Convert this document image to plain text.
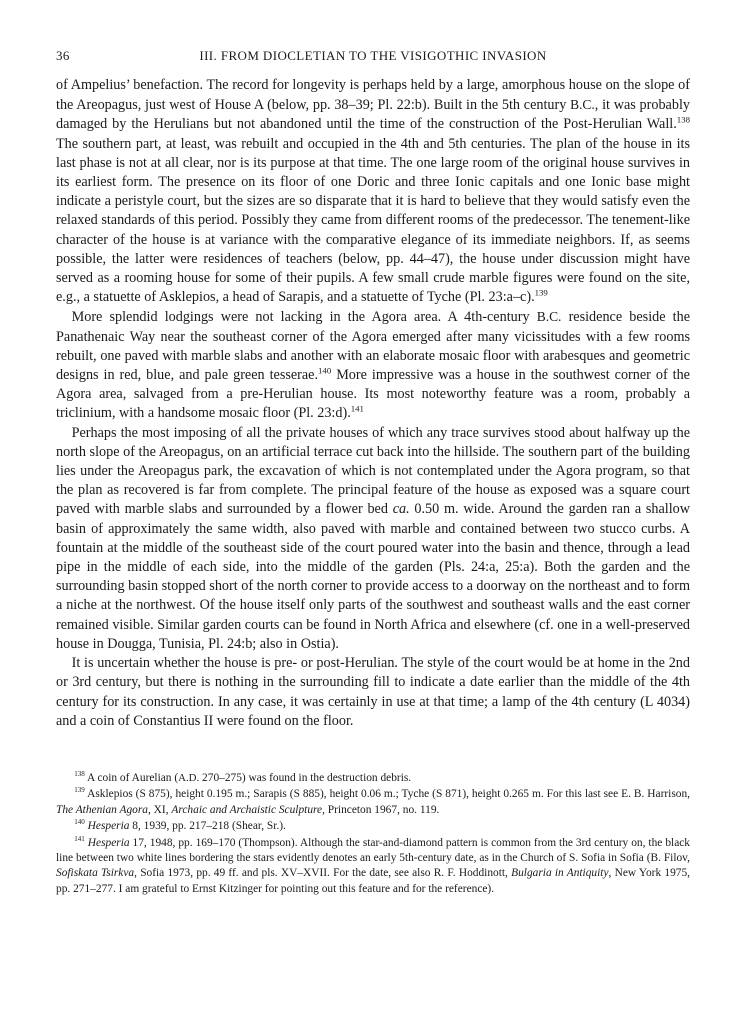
36	III. FROM DIOCLETIAN TO THE VISIGOTHIC INVASION

of Ampelius’ benefaction. The record for longevity is perhaps held by a large, amorphous house on the slope of the Areopagus, just west of House A (below, pp. 38–39; Pl. 22:b). Built in the 5th century B.C., it was probably damaged by the Herulians but not abandoned until the time of the construction of the Post-Herulian Wall.$^{138}$ The southern part, at least, was rebuilt and occupied in the 4th and 5th centuries. The plan of the house in its last phase is not at all clear, nor is its purpose at that time. The one large room of the original house survives in its earliest form. The presence on its floor of one Doric and three Ionic capitals and one Ionic base might indicate a peristyle court, but the sizes are so disparate that it is hard to believe that they would satisfy even the relaxed standards of this period. Possibly they came from different rooms of the predecessor. The tenement-like character of the house is at variance with the comparative elegance of its immediate neighbors. If, as seems possible, the latter were residences of teachers (below, pp. 44–47), the house under discussion might have served as a rooming house for some of their pupils. A few small crude marble figures were found on the site, e.g., a statuette of Asklepios, a head of Sarapis, and a statuette of Tyche (Pl. 23:a–c).$^{139}$

More splendid lodgings were not lacking in the Agora area. A 4th-century B.C. residence beside the Panathenaic Way near the southeast corner of the Agora emerged after many vicissitudes with a few rooms rebuilt, one paved with marble slabs and another with an elaborate mosaic floor with arabesques and geometric designs in red, blue, and pale green tesserae.$^{140}$ More impressive was a house in the southwest corner of the Agora area, salvaged from a pre-Herulian house. Its most noteworthy feature was a room, probably a triclinium, with a handsome mosaic floor (Pl. 23:d).$^{141}$

Perhaps the most imposing of all the private houses of which any trace survives stood about halfway up the north slope of the Areopagus, on an artificial terrace cut back into the hillside. The southern part of the building lies under the Areopagus park, the excavation of which is not contemplated under the Agora program, so that the plan as recovered is far from complete. The principal feature of the house as exposed was a square court paved with marble slabs and surrounded by a flower bed ca. 0.50 m. wide. Around the garden ran a shallow basin of approximately the same width, also paved with marble and contained between two stucco curbs. A fountain at the middle of the southeast side of the court poured water into the basin and thence, through a lead pipe in the middle of each side, into the middle of the garden (Pls. 24:a, 25:a). Both the garden and the surrounding basin stopped short of the north corner to provide access to a doorway on the northeast and to form a niche at the northwest. Of the house itself only parts of the southwest and southeast walls and the east corner remained visible. Similar garden courts can be found in North Africa and elsewhere (cf. one in a well-preserved house in Dougga, Tunisia, Pl. 24:b; also in Ostia).

It is uncertain whether the house is pre- or post-Herulian. The style of the court would be at home in the 2nd or 3rd century, but there is nothing in the surrounding fill to indicate a date earlier than the middle of the 4th century for its construction. In any case, it was certainly in use at that time; a lamp of the 4th century (L 4034) and a coin of Constantius II were found on the floor.

$^{138}$ A coin of Aurelian (A.D. 270–275) was found in the destruction debris.

$^{139}$ Asklepios (S 875), height 0.195 m.; Sarapis (S 885), height 0.06 m.; Tyche (S 871), height 0.265 m. For this last see E. B. Harrison, The Athenian Agora, XI, Archaic and Archaistic Sculpture, Princeton 1967, no. 119.

$^{140}$ Hesperia 8, 1939, pp. 217–218 (Shear, Sr.).

$^{141}$ Hesperia 17, 1948, pp. 169–170 (Thompson). Although the star-and-diamond pattern is common from the 3rd century on, the black line between two white lines bordering the stars evidently denotes an early 5th-century date, as in the Church of S. Sofia in Sofia (B. Filov, Sofiskata Tsirkva, Sofia 1973, pp. 49 ff. and pls. XV–XVII. For the date, see also R. F. Hoddinott, Bulgaria in Antiquity, New York 1975, pp. 271–277. I am grateful to Ernst Kitzinger for pointing out this feature and for the reference).
